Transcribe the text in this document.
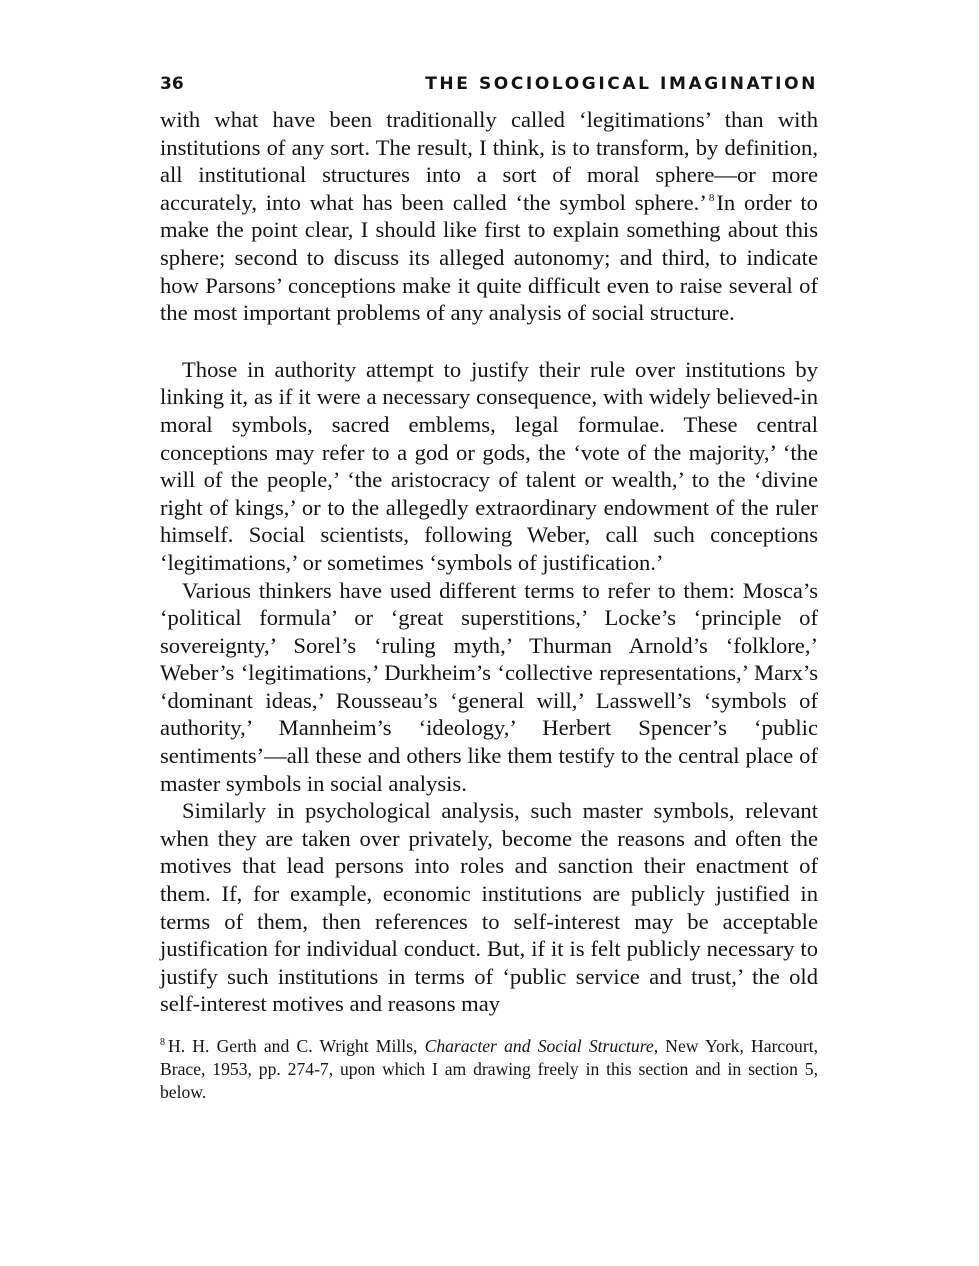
36	THE SOCIOLOGICAL IMAGINATION

with what have been traditionally called ‘legitimations’ than with institutions of any sort. The result, I think, is to transform, by definition, all institutional structures into a sort of moral sphere—or more accurately, into what has been called ‘the symbol sphere.’ $^8$In order to make the point clear, I should like first to explain something about this sphere; second to discuss its alleged autonomy; and third, to indicate how Parsons’ conceptions make it quite difficult even to raise several of the most important problems of any analysis of social structure.

Those in authority attempt to justify their rule over institutions by linking it, as if it were a necessary consequence, with widely believed-in moral symbols, sacred emblems, legal formulae. These central conceptions may refer to a god or gods, the ‘vote of the majority,’ ‘the will of the people,’ ‘the aristocracy of talent or wealth,’ to the ‘divine right of kings,’ or to the allegedly extraordinary endowment of the ruler himself. Social scientists, following Weber, call such conceptions ‘legitimations,’ or sometimes ‘symbols of justification.’

Various thinkers have used different terms to refer to them: Mosca’s ‘political formula’ or ‘great superstitions,’ Locke’s ‘principle of sovereignty,’ Sorel’s ‘ruling myth,’ Thurman Arnold’s ‘folklore,’ Weber’s ‘legitimations,’ Durkheim’s ‘collective representations,’ Marx’s ‘dominant ideas,’ Rousseau’s ‘general will,’ Lasswell’s ‘symbols of authority,’ Mannheim’s ‘ideology,’ Herbert Spencer’s ‘public sentiments’—all these and others like them testify to the central place of master symbols in social analysis.

Similarly in psychological analysis, such master symbols, relevant when they are taken over privately, become the reasons and often the motives that lead persons into roles and sanction their enactment of them. If, for example, economic institutions are publicly justified in terms of them, then references to self-interest may be acceptable justification for individual conduct. But, if it is felt publicly necessary to justify such institutions in terms of ‘public service and trust,’ the old self-interest motives and reasons may

$^8$ H. H. Gerth and C. Wright Mills, Character and Social Structure, New York, Harcourt, Brace, 1953, pp. 274-7, upon which I am drawing freely in this section and in section 5, below.
